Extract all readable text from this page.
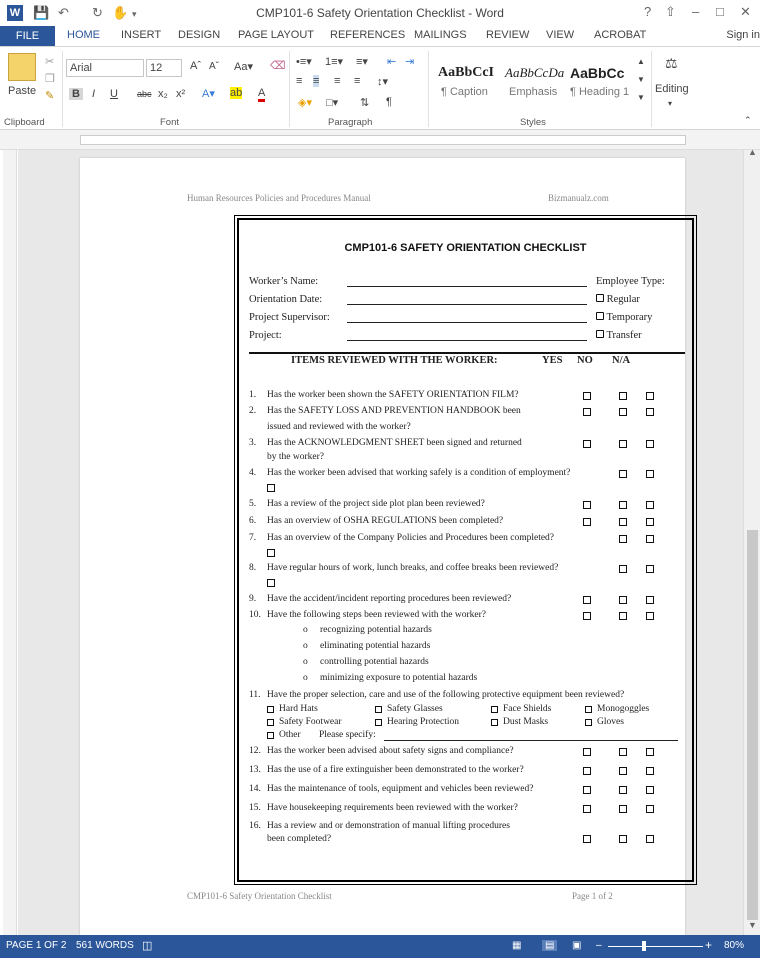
W 💾 ↶ ↻ ✋ ▾	CMP101-6 Safety Orientation Checklist - Word	? ⇧ – □ ✕
FILE	HOME INSERT DESIGN PAGE LAYOUT REFERENCES MAILINGS REVIEW VIEW ACROBAT	Sign in
Paste
✂
❐
✎
Clipboard
Arial	12	Aˆ Aˇ Aa▾ ⌫
B I U abc x₂ x² A▾ ab A
Font
•≡▾ 1≡▾ ≡▾ ⇤ ⇥
≡ ≡ ≡ ≡ ↕▾
◈▾ □▾ ⇅ ¶
Paragraph
AaBbCcI
¶ Caption
AaBbCcDa
Emphasis
AaBbCc
¶ Heading 1
▲
▼
▼
Styles
⚖
Editing
▾
⌃
Human Resources Policies and Procedures Manual	Bizmanualz.com
CMP101-6 SAFETY ORIENTATION CHECKLIST
Worker’s Name:
Orientation Date:
Project Supervisor:
Project:
Employee Type:
Regular
Temporary
Transfer
ITEMS REVIEWED WITH THE WORKER:	YES NO N/A
1. Has the worker been shown the SAFETY ORIENTATION FILM?
2. Has the SAFETY LOSS AND PREVENTION HANDBOOK been
issued and reviewed with the worker?
3. Has the ACKNOWLEDGMENT SHEET been signed and returned
by the worker?
4. Has the worker been advised that working safely is a condition of employment?
5. Has a review of the project side plot plan been reviewed?
6. Has an overview of OSHA REGULATIONS been completed?
7. Has an overview of the Company Policies and Procedures been completed?
8. Have regular hours of work, lunch breaks, and coffee breaks been reviewed?
9. Have the accident/incident reporting procedures been reviewed?
10. Have the following steps been reviewed with the worker?
o recognizing potential hazards
o eliminating potential hazards
o controlling potential hazards
o minimizing exposure to potential hazards
11. Have the proper selection, care and use of the following protective equipment been reviewed?
Hard Hats	Safety Glasses	Face Shields	Monogoggles
Safety Footwear	Hearing Protection	Dust Masks	Gloves
Other Please specify:
12. Has the worker been advised about safety signs and compliance?
13. Has the use of a fire extinguisher been demonstrated to the worker?
14. Has the maintenance of tools, equipment and vehicles been reviewed?
15. Have housekeeping requirements been reviewed with the worker?
16. Has a review and or demonstration of manual lifting procedures
been completed?
CMP101-6 Safety Orientation Checklist	Page 1 of 2
▲
▼
PAGE 1 OF 2 561 WORDS ◫	▦	▤	▣ –	+ 80%
